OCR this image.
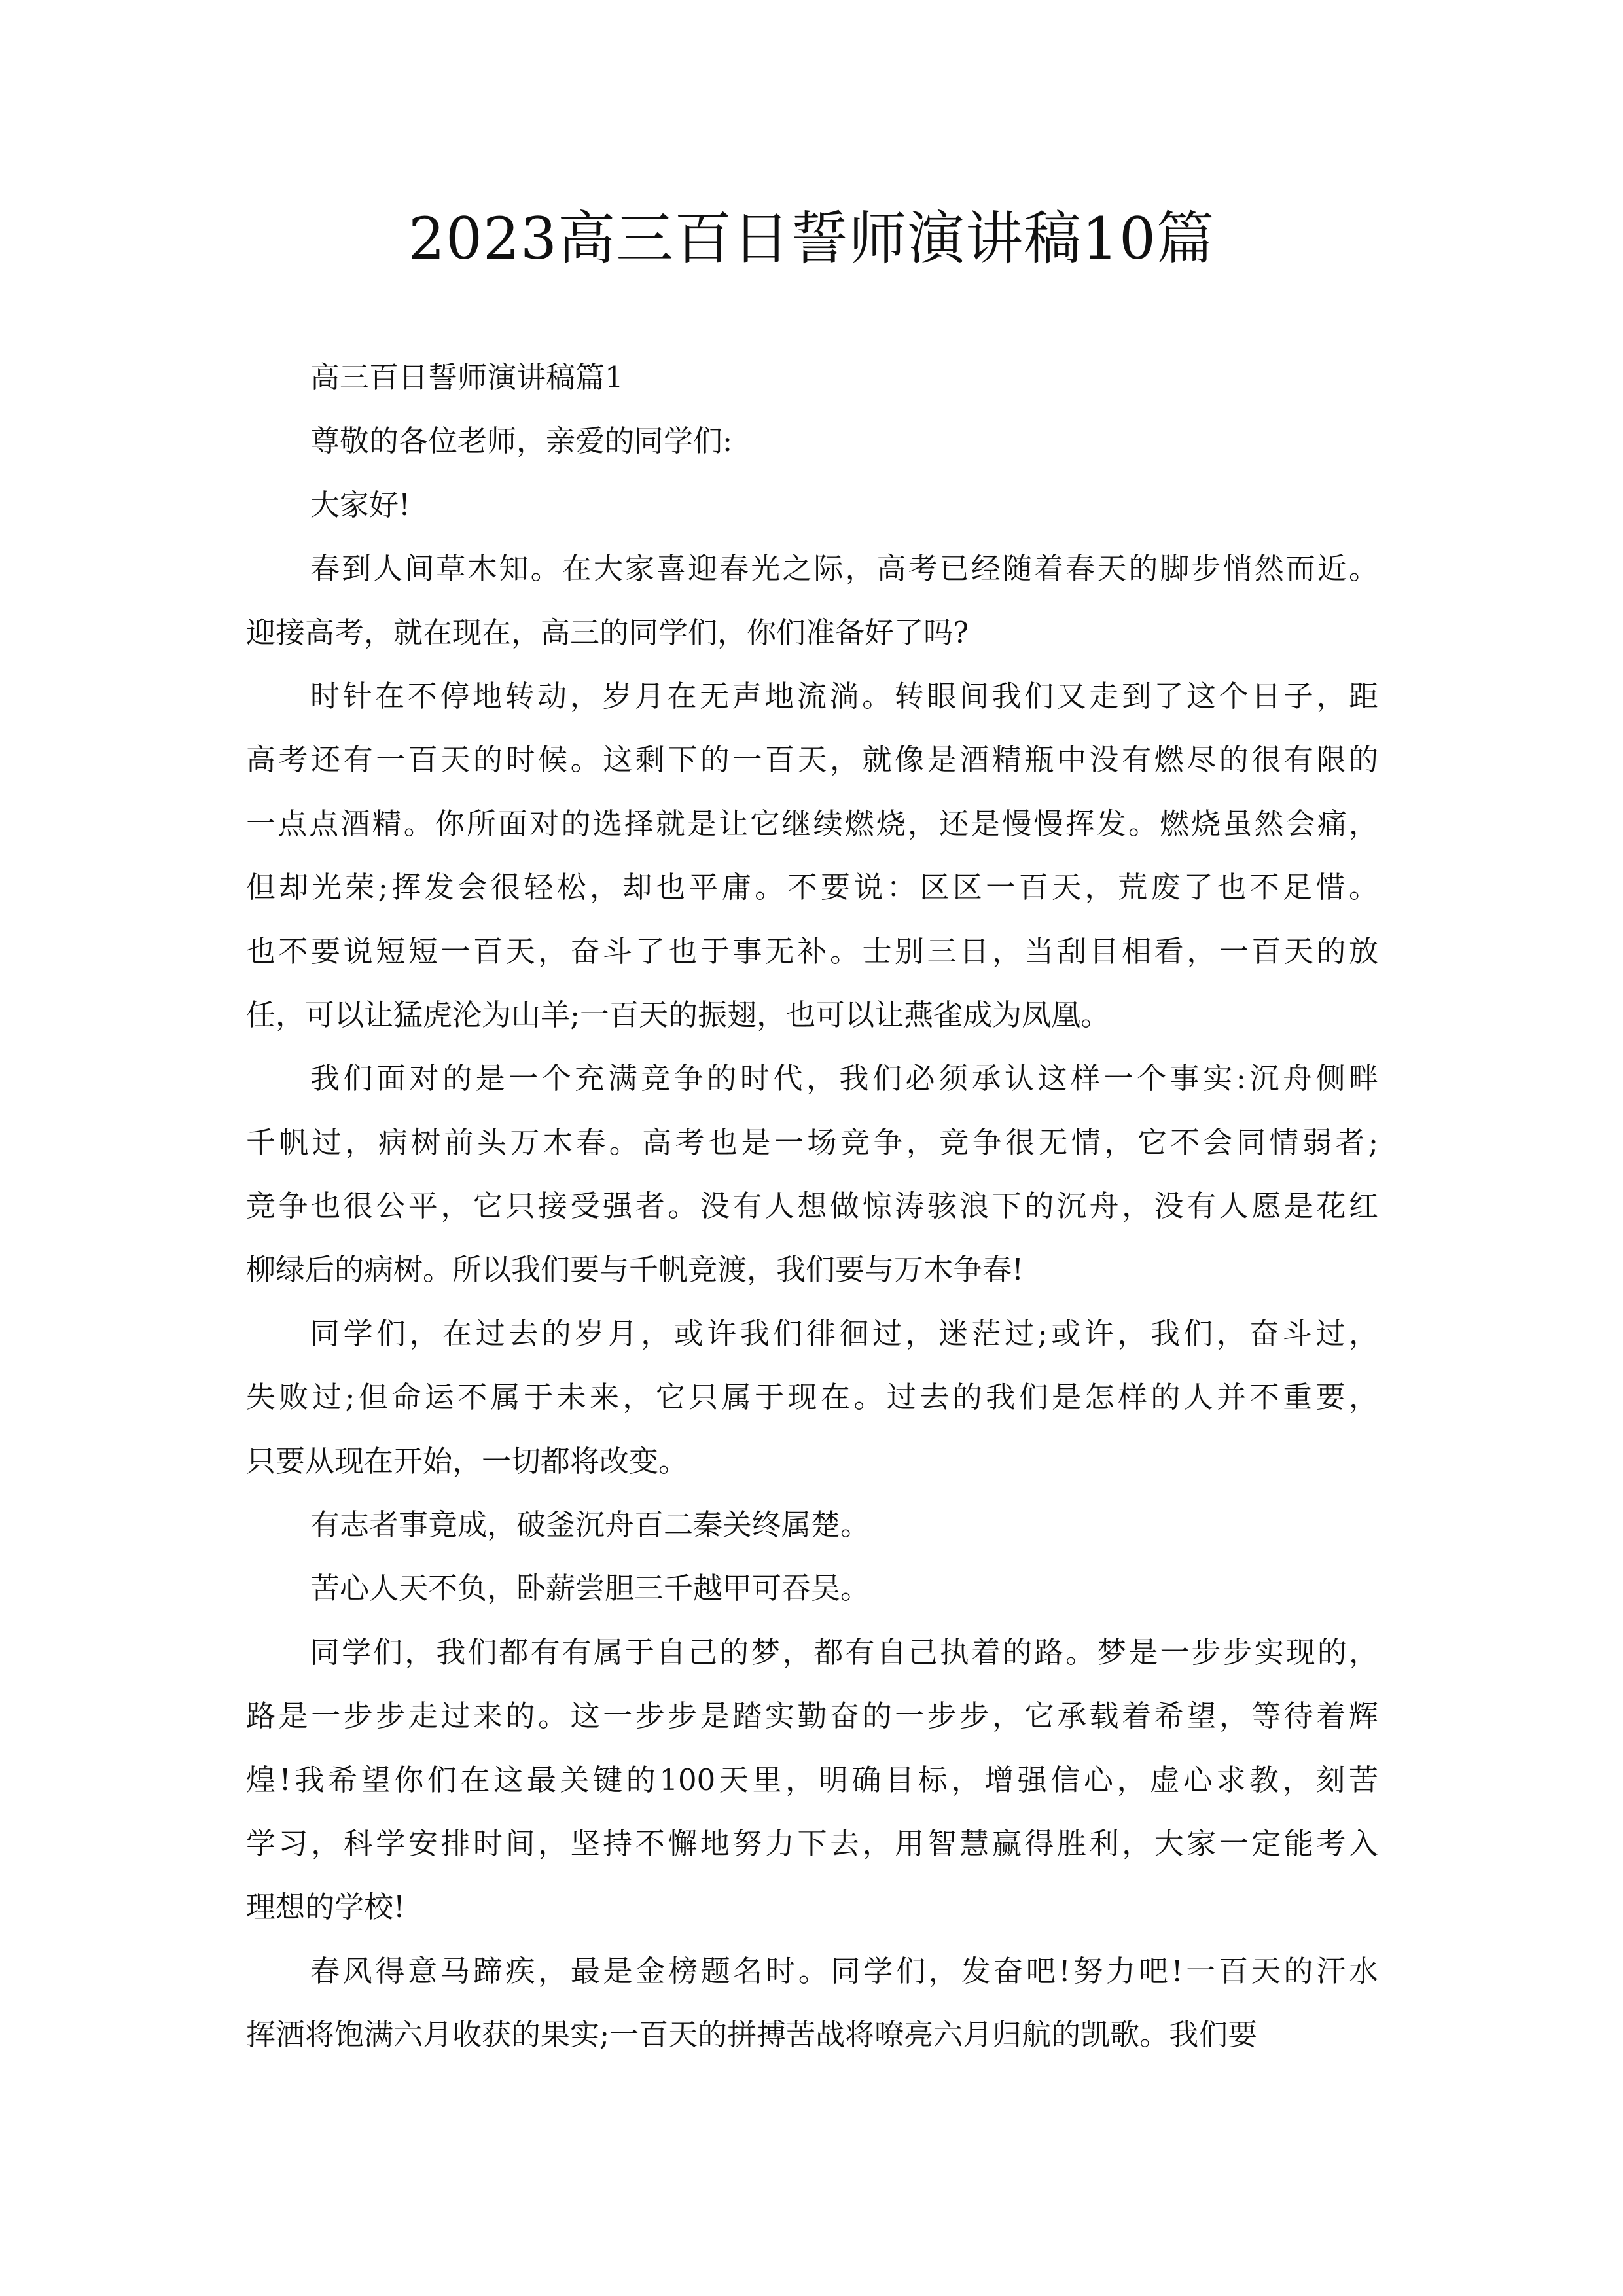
2023高三百日誓师演讲稿10篇
高三百日誓师演讲稿篇1
尊敬的各位老师，亲爱的同学们:
大家好!
春到人间草木知。在大家喜迎春光之际，高考已经随着春天的脚步悄然而近。
迎接高考，就在现在，高三的同学们，你们准备好了吗?
时针在不停地转动，岁月在无声地流淌。转眼间我们又走到了这个日子，距
高考还有一百天的时候。这剩下的一百天，就像是酒精瓶中没有燃尽的很有限的
一点点酒精。你所面对的选择就是让它继续燃烧，还是慢慢挥发。燃烧虽然会痛，
但却光荣;挥发会很轻松，却也平庸。不要说：区区一百天，荒废了也不足惜。
也不要说短短一百天，奋斗了也于事无补。士别三日，当刮目相看，一百天的放
任，可以让猛虎沦为山羊;一百天的振翅，也可以让燕雀成为凤凰。
我们面对的是一个充满竞争的时代，我们必须承认这样一个事实:沉舟侧畔
千帆过，病树前头万木春。高考也是一场竞争，竞争很无情，它不会同情弱者;
竞争也很公平，它只接受强者。没有人想做惊涛骇浪下的沉舟，没有人愿是花红
柳绿后的病树。所以我们要与千帆竞渡，我们要与万木争春!
同学们，在过去的岁月，或许我们徘徊过，迷茫过;或许，我们，奋斗过，
失败过;但命运不属于未来，它只属于现在。过去的我们是怎样的人并不重要，
只要从现在开始，一切都将改变。
有志者事竟成，破釜沉舟百二秦关终属楚。
苦心人天不负，卧薪尝胆三千越甲可吞吴。
同学们，我们都有有属于自己的梦，都有自己执着的路。梦是一步步实现的，
路是一步步走过来的。这一步步是踏实勤奋的一步步，它承载着希望，等待着辉
煌!我希望你们在这最关键的100天里，明确目标，增强信心，虚心求教，刻苦
学习，科学安排时间，坚持不懈地努力下去，用智慧赢得胜利，大家一定能考入
理想的学校!
春风得意马蹄疾，最是金榜题名时。同学们，发奋吧!努力吧!一百天的汗水
挥洒将饱满六月收获的果实;一百天的拼搏苦战将嘹亮六月归航的凯歌。我们要
